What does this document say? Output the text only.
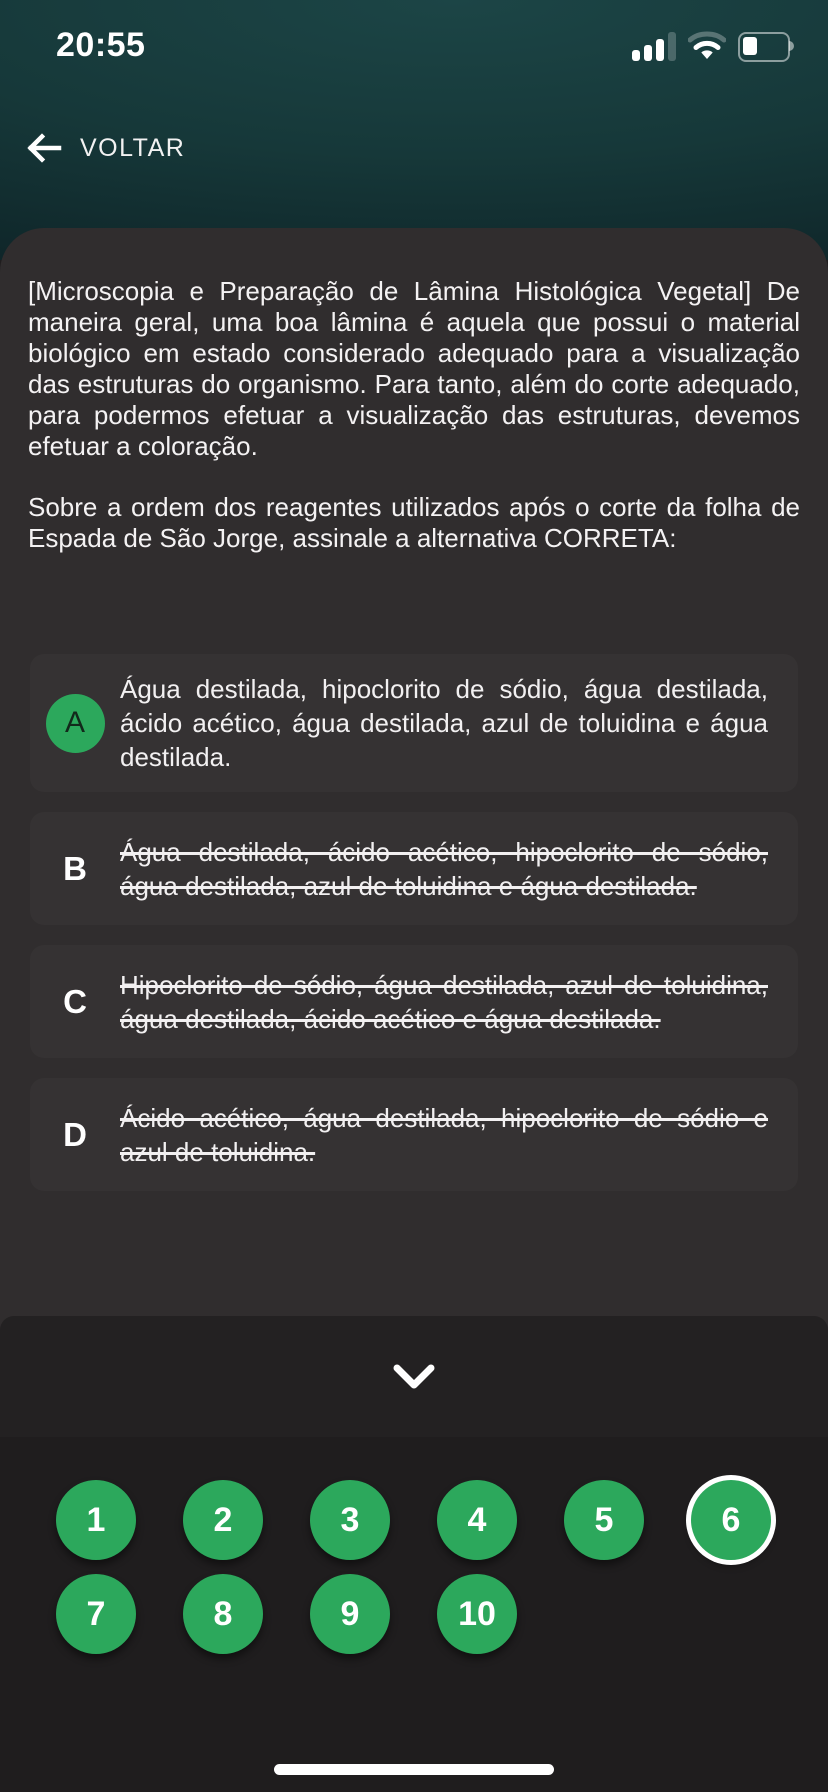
20:55
VOLTAR

[Microscopia e Preparação de Lâmina Histológica Vegetal] De maneira geral, uma boa lâmina é aquela que possui o material biológico em estado considerado adequado para a visualização das estruturas do organismo. Para tanto, além do corte adequado, para podermos efetuar a visualização das estruturas, devemos efetuar a coloração.

Sobre a ordem dos reagentes utilizados após o corte da folha de Espada de São Jorge, assinale a alternativa CORRETA:

A
Água destilada, hipoclorito de sódio, água destilada, ácido acético, água destilada, azul de toluidina e água destilada.
B Água destilada, ácido acético, hipoclorito de sódio, água destilada, azul de toluidina e água destilada.
C Hipoclorito de sódio, água destilada, azul de toluidina, água destilada, ácido acético e água destilada.
D Ácido acético, água destilada, hipoclorito de sódio e azul de toluidina.
1	2	3	4	5	6
7	8	9	10
